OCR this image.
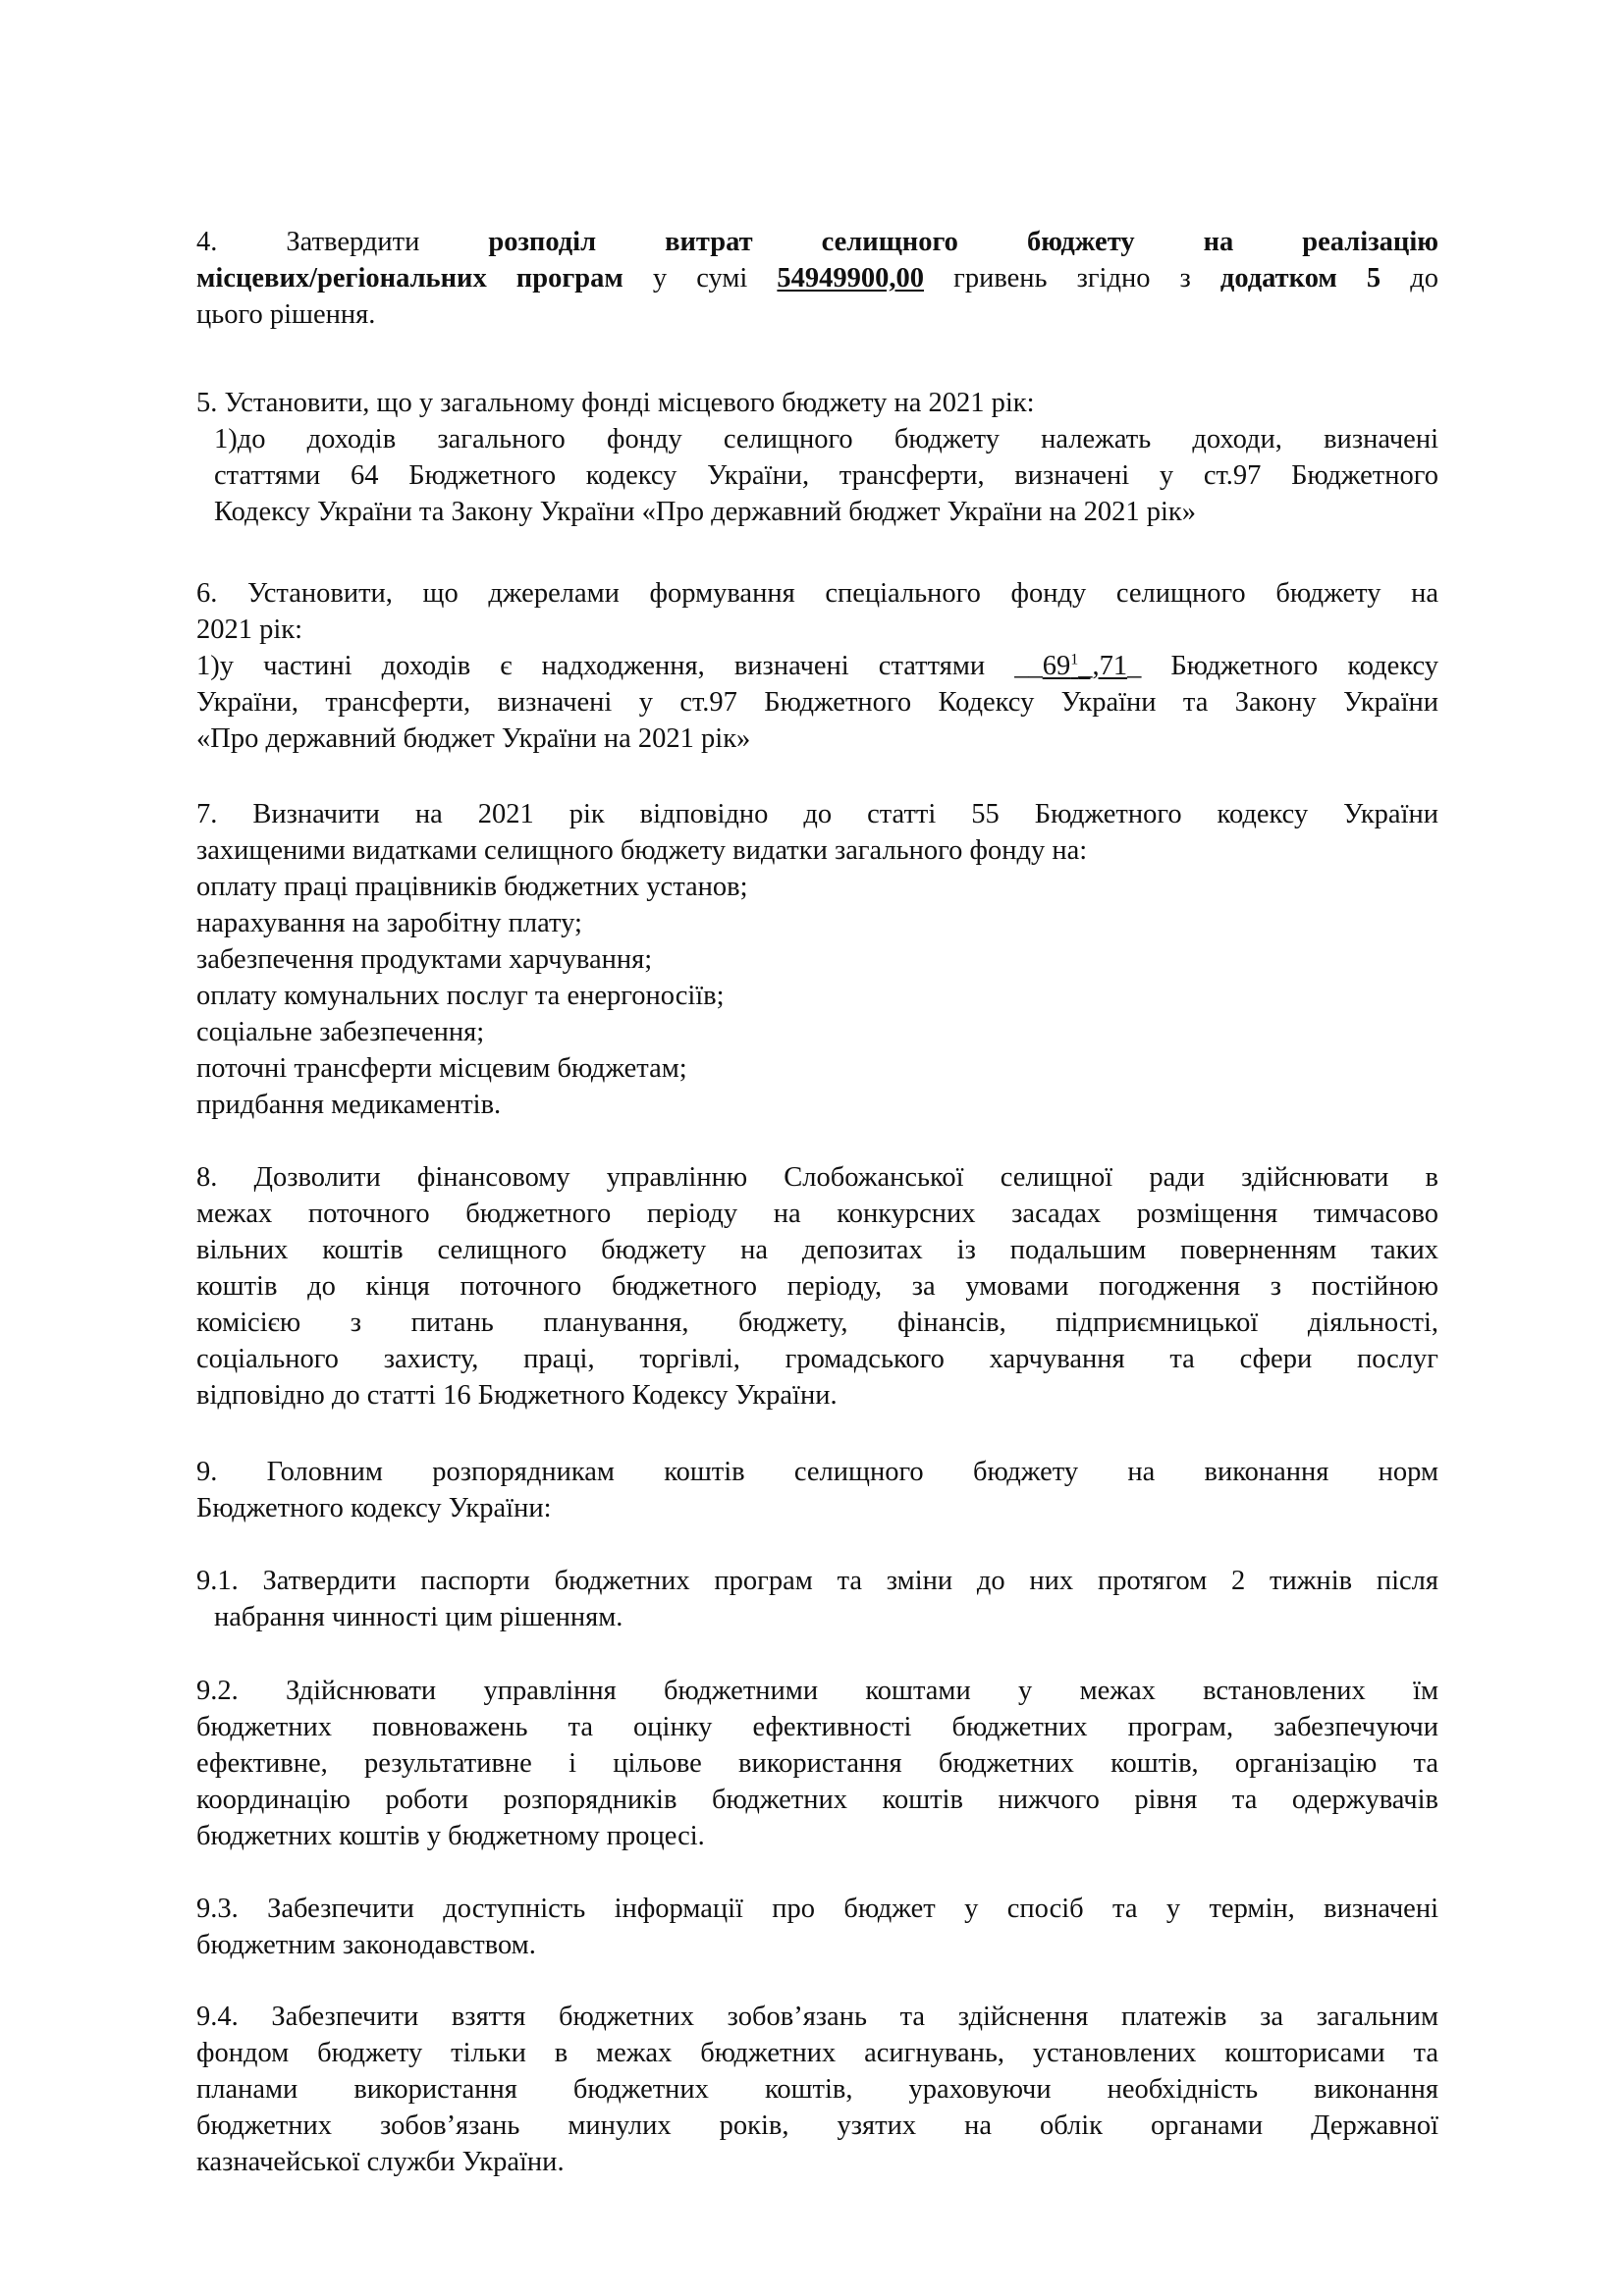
4. Затвердити розподіл витрат селищного бюджету на реалізацію
місцевих/регіональних програм у сумі 54949900,00 гривень згідно з додатком 5 до
цього рішення.
5. Установити, що у загальному фонді місцевого бюджету на 2021 рік:
1)до доходів загального фонду селищного бюджету належать доходи, визначені
статтями 64 Бюджетного кодексу України, трансферти, визначені у ст.97 Бюджетного
Кодексу України та Закону України «Про державний бюджет України на 2021 рік»
6. Установити, що джерелами формування спеціального фонду селищного бюджету на
2021 рік:
1)у частині доходів є надходження, визначені статтями $\_\_69^1\_,71\_$ Бюджетного кодексу
України, трансферти, визначені у ст.97 Бюджетного Кодексу України та Закону України
«Про державний бюджет України на 2021 рік»
7. Визначити на 2021 рік відповідно до статті 55 Бюджетного кодексу України
захищеними видатками селищного бюджету видатки загального фонду на:
оплату праці працівників бюджетних установ;
нарахування на заробітну плату;
забезпечення продуктами харчування;
оплату комунальних послуг та енергоносіїв;
соціальне забезпечення;
поточні трансферти місцевим бюджетам;
придбання медикаментів.
8. Дозволити фінансовому управлінню Слобожанської селищної ради здійснювати в
межах поточного бюджетного періоду на конкурсних засадах розміщення тимчасово
вільних коштів селищного бюджету на депозитах із подальшим поверненням таких
коштів до кінця поточного бюджетного періоду, за умовами погодження з постійною
комісією з питань планування, бюджету, фінансів, підприємницької діяльності,
соціального захисту, праці, торгівлі, громадського харчування та сфери послуг
відповідно до статті 16 Бюджетного Кодексу України.
9. Головним розпорядникам коштів селищного бюджету на виконання норм
Бюджетного кодексу України:
9.1. Затвердити паспорти бюджетних програм та зміни до них протягом 2 тижнів після
набрання чинності цим рішенням.
9.2. Здійснювати управління бюджетними коштами у межах встановлених їм
бюджетних повноважень та оцінку ефективності бюджетних програм, забезпечуючи
ефективне, результативне і цільове використання бюджетних коштів, організацію та
координацію роботи розпорядників бюджетних коштів нижчого рівня та одержувачів
бюджетних коштів у бюджетному процесі.
9.3. Забезпечити доступність інформації про бюджет у спосіб та у термін, визначені
бюджетним законодавством.
9.4. Забезпечити взяття бюджетних зобов’язань та здійснення платежів за загальним
фондом бюджету тільки в межах бюджетних асигнувань, установлених кошторисами та
планами використання бюджетних коштів, ураховуючи необхідність виконання
бюджетних зобов’язань минулих років, узятих на облік органами Державної
казначейської служби України.
